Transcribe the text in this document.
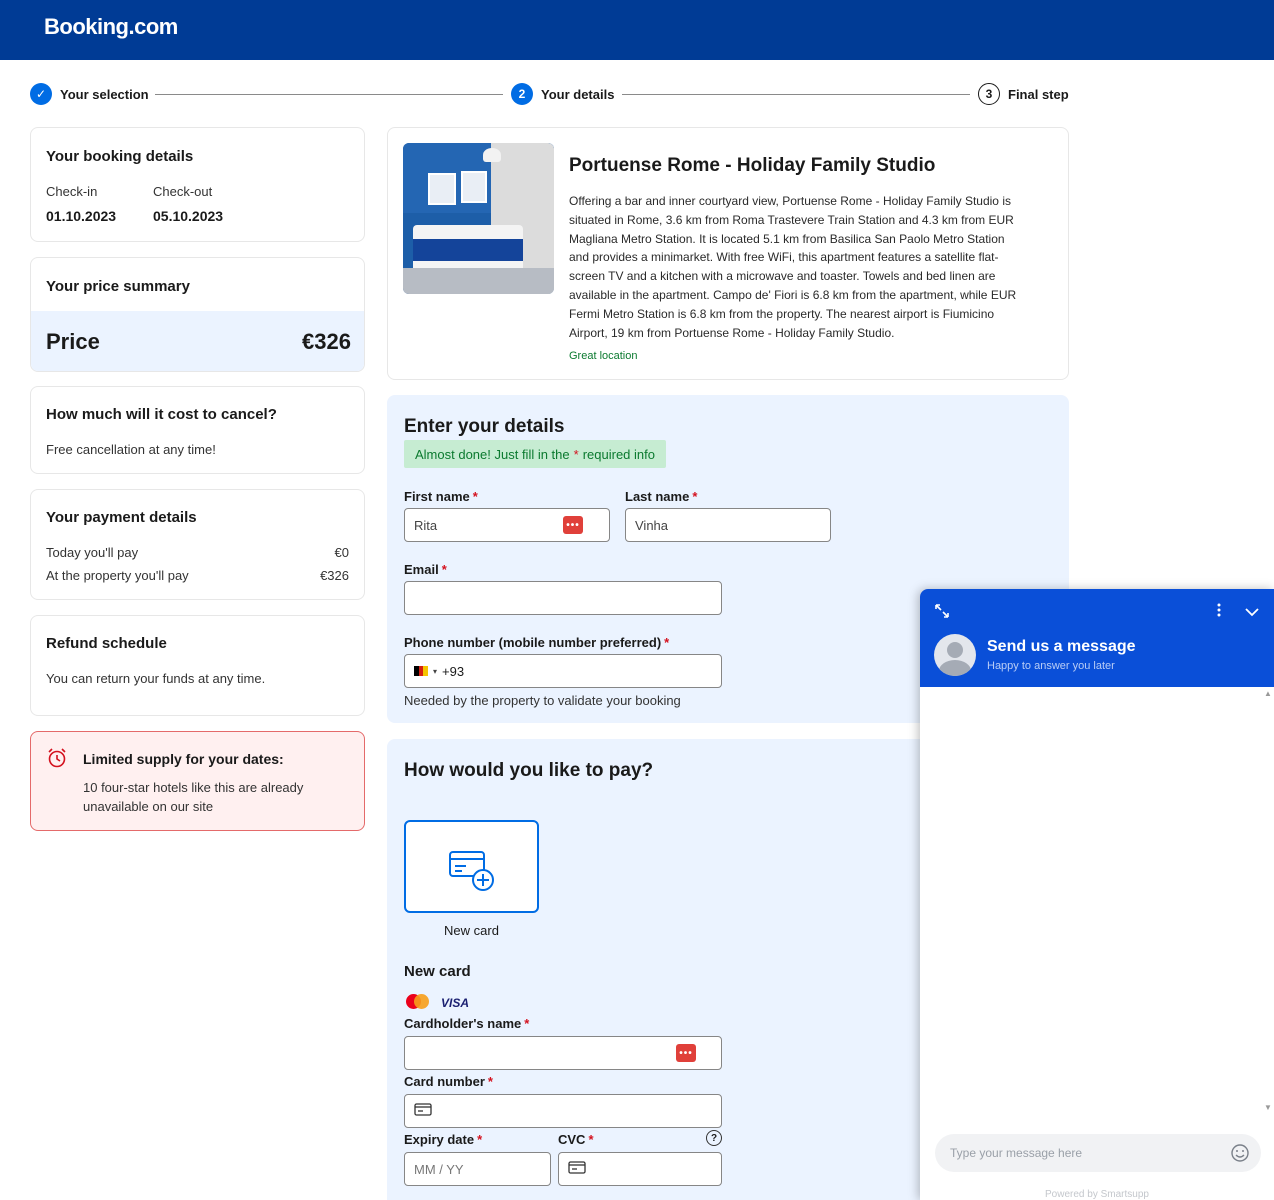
Booking.com
✓	Your selection	2	Your details	3	Final step
Your booking details
Check-in	Check-out
01.10.2023	05.10.2023
Your price summary
Price	€326
How much will it cost to cancel?
Free cancellation at any time!
Your payment details
Today you'll pay	€0
At the property you'll pay	€326
Refund schedule
You can return your funds at any time.
Limited supply for your dates:
10 four-star hotels like this are already
unavailable on our site
Portuense Rome - Holiday Family Studio
Offering a bar and inner courtyard view, Portuense Rome - Holiday Family Studio is
situated in Rome, 3.6 km from Roma Trastevere Train Station and 4.3 km from EUR
Magliana Metro Station. It is located 5.1 km from Basilica San Paolo Metro Station
and provides a minimarket. With free WiFi, this apartment features a satellite flat-
screen TV and a kitchen with a microwave and toaster. Towels and bed linen are
available in the apartment. Campo de' Fiori is 6.8 km from the apartment, while EUR
Fermi Metro Station is 6.8 km from the property. The nearest airport is Fiumicino
Airport, 19 km from Portuense Rome - Holiday Family Studio.
Great location
Enter your details
Almost done! Just fill in the * required info
First name *
Rita	•••
Last name *
Vinha
Email *
Phone number (mobile number preferred) *
▾ +93
Needed by the property to validate your booking
How would you like to pay?
New card
New card
VISA
Cardholder's name *
•••
Card number *
Expiry date *
MM / YY
CVC *	?
Send us a message
Happy to answer you later
▲
▼
Type your message here
Powered by Smartsupp
